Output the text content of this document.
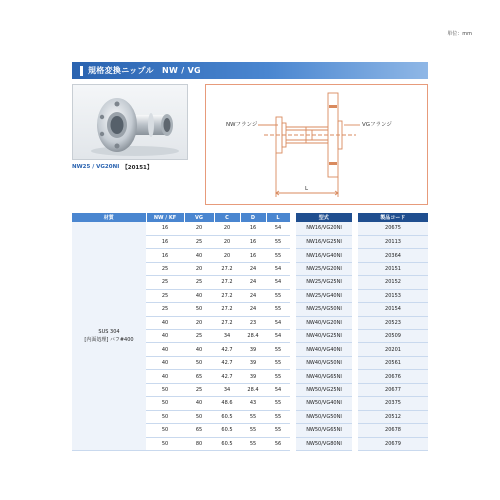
単位：mm
規格変換ニップル　NW / VG
NW25 / VG20NI 【20151】
NWフランジ	VGフランジ
L
材質	NW / KF	VG	C	D	L		型式		製品コード

SUS 304
[内面処理] バフ#400	16	20	20	16	54		NW16/VG20NI		20675
	16	25	20	16	55		NW16/VG25NI		20113
	16	40	20	16	55		NW16/VG40NI		20364
	25	20	27.2	24	54		NW25/VG20NI		20151
	25	25	27.2	24	54		NW25/VG25NI		20152
	25	40	27.2	24	55		NW25/VG40NI		20153
	25	50	27.2	24	55		NW25/VG50NI		20154
	40	20	27.2	23	54		NW40/VG20NI		20523
	40	25	34	28.4	54		NW40/VG25NI		20509
	40	40	42.7	39	55		NW40/VG40NI		20201
	40	50	42.7	39	55		NW40/VG50NI		20561
	40	65	42.7	39	55		NW40/VG65NI		20676
	50	25	34	28.4	54		NW50/VG25NI		20677
	50	40	48.6	43	55		NW50/VG40NI		20375
	50	50	60.5	55	55		NW50/VG50NI		20512
	50	65	60.5	55	55		NW50/VG65NI		20678
	50	80	60.5	55	56		NW50/VG80NI		20679
